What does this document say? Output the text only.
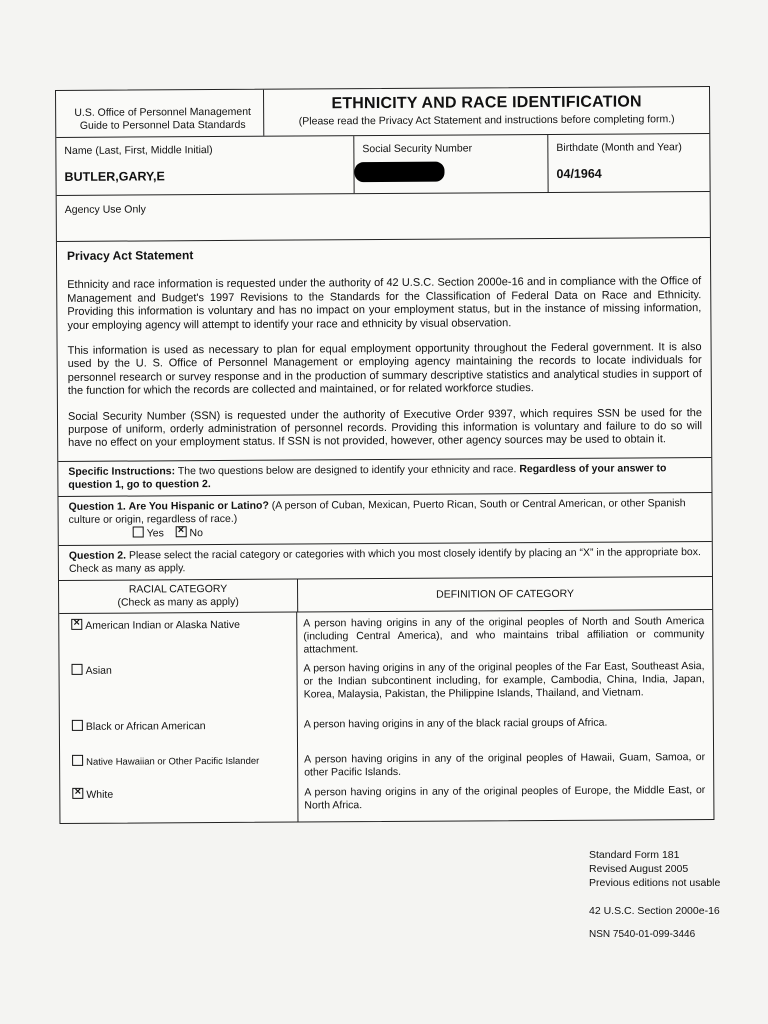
U.S. Office of Personnel Management
Guide to Personnel Data Standards
ETHNICITY AND RACE IDENTIFICATION
(Please read the Privacy Act Statement and instructions before completing form.)
Name (Last, First, Middle Initial)
BUTLER,GARY,E
Social Security Number	Birthdate (Month and Year)
04/1964
Agency Use Only
Privacy Act Statement

Ethnicity and race information is requested under the authority of 42 U.S.C. Section 2000e-16 and in compliance with the Office of Management and Budget's 1997 Revisions to the Standards for the Classification of Federal Data on Race and Ethnicity. Providing this information is voluntary and has no impact on your employment status, but in the instance of missing information, your employing agency will attempt to identify your race and ethnicity by visual observation.

This information is used as necessary to plan for equal employment opportunity throughout the Federal government. It is also used by the U. S. Office of Personnel Management or employing agency maintaining the records to locate individuals for personnel research or survey response and in the production of summary descriptive statistics and analytical studies in support of the function for which the records are collected and maintained, or for related workforce studies.

Social Security Number (SSN) is requested under the authority of Executive Order 9397, which requires SSN be used for the purpose of uniform, orderly administration of personnel records. Providing this information is voluntary and failure to do so will have no effect on your employment status. If SSN is not provided, however, other agency sources may be used to obtain it.

Specific Instructions: The two questions below are designed to identify your ethnicity and race. Regardless of your answer to question 1, go to question 2.
Question 1. Are You Hispanic or Latino? (A person of Cuban, Mexican, Puerto Rican, South or Central American, or other Spanish culture or origin, regardless of race.)
Yes    × No
Question 2. Please select the racial category or categories with which you most closely identify by placing an “X” in the appropriate box. Check as many as apply.
RACIAL CATEGORY
(Check as many as apply)
DEFINITION OF CATEGORY
×American Indian or Alaska Native	A person having origins in any of the original peoples of North and South America (including Central America), and who maintains tribal affiliation or community attachment.
Asian	A person having origins in any of the original peoples of the Far East, Southeast Asia, or the Indian subcontinent including, for example, Cambodia, China, India, Japan, Korea, Malaysia, Pakistan, the Philippine Islands, Thailand, and Vietnam.
Black or African American	A person having origins in any of the black racial groups of Africa.
Native Hawaiian or Other Pacific Islander	A person having origins in any of the original peoples of Hawaii, Guam, Samoa, or other Pacific Islands.
×White	A person having origins in any of the original peoples of Europe, the Middle East, or North Africa.
Standard Form 181
Revised August 2005
Previous editions not usable
42 U.S.C. Section 2000e-16
NSN 7540-01-099-3446
